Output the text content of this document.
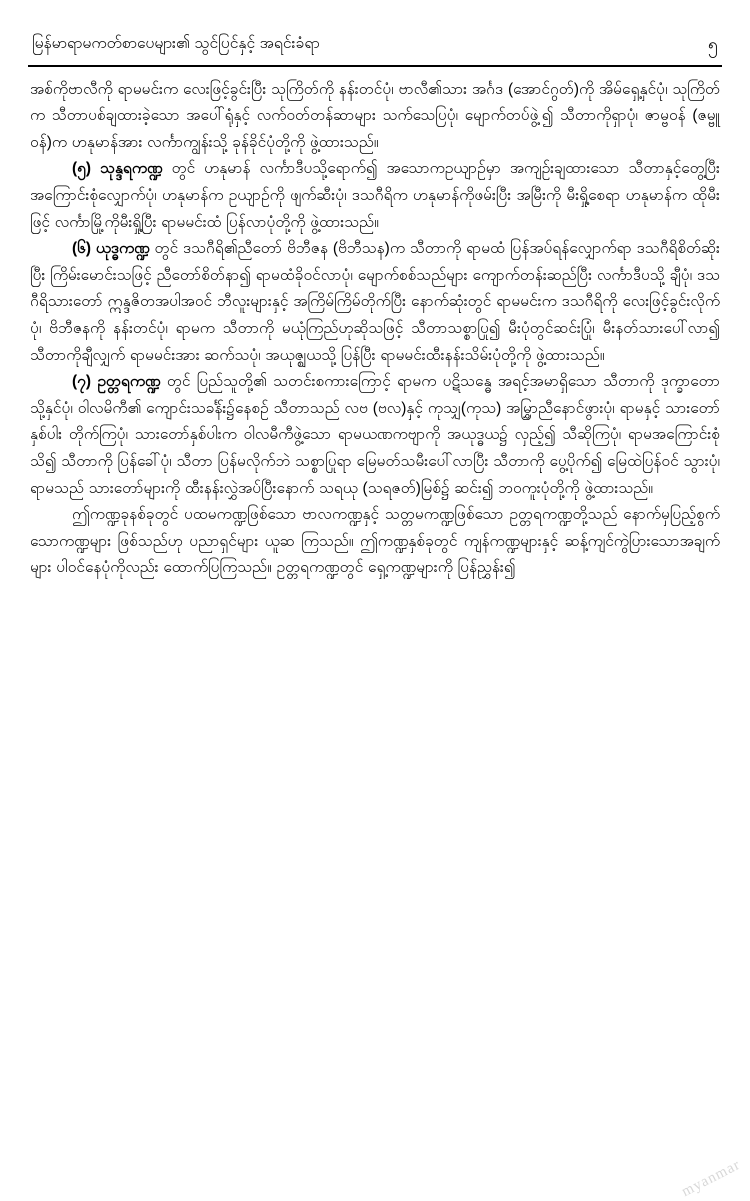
မြန်မာရာမကတ်စာပေများ၏ သွင်ပြင်နှင့် အရင်းခံရာ	၅

အစ်ကိုဗာလီကို ရာမမင်းက လေးဖြင့်ခွင်းပြီး သုကြိတ်ကို နန်းတင်ပုံ၊ ဗာလီ၏သား အင်္ဂဒ (အောင်ဂွတ်)ကို အိမ်ရှေ့နှင်ပုံ၊ သုကြိတ်က သီတာပစ်ချထားခဲ့သော အပေါ်ရုံနှင့် လက်ဝတ်တန်ဆာများ သက်သေပြပုံ၊ မျောက်တပ်ဖွဲ့၍ သီတာကိုရှာပုံ၊ ဇာမ္ဗဝန် (ဇမ္ဗူဝန်)က ဟနုမာန်အား လင်္ကာကျွန်းသို့ ခုန်ခိုင်ပုံတို့ကို ဖွဲ့ထားသည်။

(၅) သုန္ဒရကဏ္ဍ တွင် ဟနုမာန် လင်္ကာဒီပသို့ရောက်၍ အသောကဥယျာဉ်မှာ အကျဉ်းချထားသော သီတာနှင့်တွေ့ပြီး အကြောင်းစုံလျှောက်ပုံ၊ ဟနုမာန်က ဥယျာဉ်ကို ဖျက်ဆီးပုံ၊ ဒသဂီရိက ဟနုမာန်ကိုဖမ်းပြီး အမြီးကို မီးရှို့စေရာ ဟနုမာန်က ထိုမီးဖြင့် လင်္ကာမြို့ကိုမီးရှို့ပြီး ရာမမင်းထံ ပြန်လာပုံတို့ကို ဖွဲ့ထားသည်။

(၆) ယုဒ္ဓကဏ္ဍ တွင် ဒသဂီရိ၏ညီတော် ဗိဘီဇန (ဗိဘီသန)က သီတာကို ရာမထံ ပြန်အပ်ရန်လျှောက်ရာ ဒသဂီရိစိတ်ဆိုးပြီး ကြိမ်းမောင်းသဖြင့် ညီတော်စိတ်နာ၍ ရာမထံခိုဝင်လာပုံ၊ မျောက်စစ်သည်များ ကျောက်တန်းဆည်ပြီး လင်္ကာဒီပသို့ ချီပုံ၊ ဒသဂီရိသားတော် ဣန္ဒဇိတအပါအဝင် ဘီလူးများနှင့် အကြိမ်ကြိမ်တိုက်ပြီး နောက်ဆုံးတွင် ရာမမင်းက ဒသဂီရိကို လေးဖြင့်ခွင်းလိုက်ပုံ၊ ဗိဘီဇနကို နန်းတင်ပုံ၊ ရာမက သီတာကို မယုံကြည်ဟုဆိုသဖြင့် သီတာသစ္စာပြု၍ မီးပုံတွင်ဆင်းပြုံ၊ မီးနတ်သားပေါ်လာ၍ သီတာကိုချီလျှက် ရာမမင်းအား ဆက်သပုံ၊ အယုဇ္ဈယသို့ ပြန်ပြီး ရာမမင်းထီးနန်းသိမ်းပုံတို့ကို ဖွဲ့ထားသည်။

(၇) ဥတ္တရကဏ္ဍ တွင် ပြည်သူတို့၏ သတင်းစကားကြောင့် ရာမက ပဋိသန္ဓေ အရင့်အမာရှိသော သီတာကို ဒုက္ခာတောသို့နှင်ပုံ၊ ဝါလမိကီ၏ ကျောင်းသခင်္န်း၌နေစဉ် သီတာသည် လဗ (ဗလ)နှင့် ကုသျှ(ကုသ) အမြွှာညီနောင်ဖွားပုံ၊ ရာမနှင့် သားတော် နှစ်ပါး တိုက်ကြပုံ၊ သားတော်နှစ်ပါးက ဝါလမီကီဖွဲ့သော ရာမယဏကဗျာကို အယုဒ္ဓယ၌ လှည့်၍ သီဆိုကြပုံ၊ ရာမအကြောင်းစုံသိ၍ သီတာကို ပြန်ခေါ်ပုံ၊ သီတာ ပြန်မလိုက်ဘဲ သစ္စာပြုရာ မြေမတ်သမီးပေါ်လာပြီး သီတာကို ပွေ့ပိုက်၍ မြေထဲပြန်ဝင် သွားပုံ၊ ရာမသည် သားတော်များကို ထီးနန်းလွှဲအပ်ပြီးနောက် သရယု (သရဇတ်)မြစ်၌ ဆင်း၍ ဘဝကူးပုံတို့ကို ဖွဲ့ထားသည်။

ဤကဏ္ဍခုနစ်ခုတွင် ပထမကဏ္ဍဖြစ်သော ဗာလကဏ္ဍနှင့် သတ္တမကဏ္ဍဖြစ်သော ဥတ္တရကဏ္ဍတို့သည် နောက်မှပြည့်စွက်သောကဏ္ဍများ ဖြစ်သည်ဟု ပညာရှင်များ ယူဆ ကြသည်။ ဤကဏ္ဍနှစ်ခုတွင် ကျန်ကဏ္ဍများနှင့် ဆန့်ကျင်ကွဲပြားသောအချက်များ ပါဝင်နေပုံကိုလည်း ထောက်ပြကြသည်။ ဥတ္တရကဏ္ဍတွင် ရှေ့ကဏ္ဍများကို ပြန်ညွှန်း၍

myanmar
